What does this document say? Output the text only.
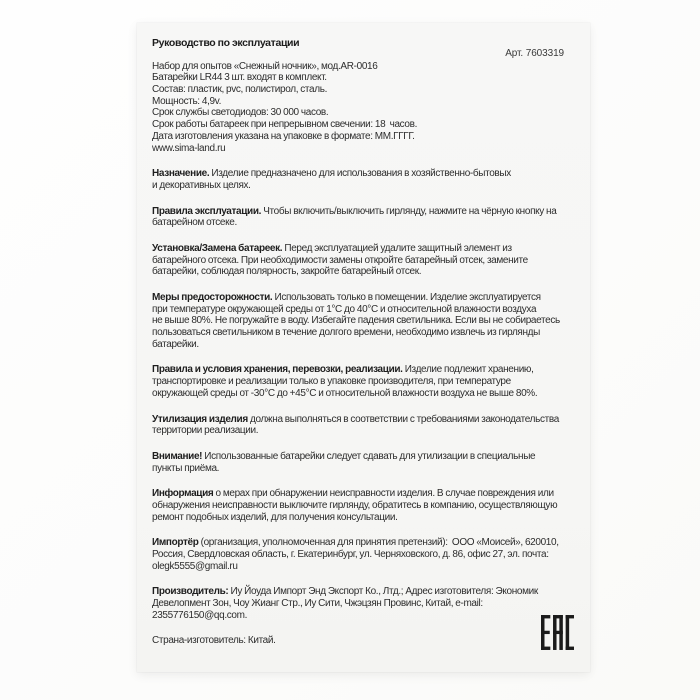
Арт. 7603319
Руководство по эксплуатации
Набор для опытов «Снежный ночник», мод.AR-0016
Батарейки LR44 3 шт. входят в комплект.
Состав: пластик, pvc, полистирол, сталь.
Мощность: 4,9v.
Срок службы светодиодов: 30 000 часов.
Срок работы батареек при непрерывном свечении: 18  часов.
Дата изготовления указана на упаковке в формате: ММ.ГГГГ.
www.sima-land.ru
Назначение. Изделие предназначено для использования в хозяйственно-бытовых
и декоративных целях.
Правила эксплуатации. Чтобы включить/выключить гирлянду, нажмите на чёрную кнопку на
батарейном отсеке.
Установка/Замена батареек. Перед эксплуатацией удалите защитный элемент из
батарейного отсека. При необходимости замены откройте батарейный отсек, замените
батарейки, соблюдая полярность, закройте батарейный отсек.
Меры предосторожности. Использовать только в помещении. Изделие эксплуатируется
при температуре окружающей среды от 1°С до 40°С и относительной влажности воздуха
не выше 80%. Не погружайте в воду. Избегайте падения светильника. Если вы не собираетесь
пользоваться светильником в течение долгого времени, необходимо извлечь из гирлянды
батарейки.
Правила и условия хранения, перевозки, реализации. Изделие подлежит хранению,
транспортировке и реализации только в упаковке производителя, при температуре
окружающей среды от -30°С до +45°С и относительной влажности воздуха не выше 80%.
Утилизация изделия должна выполняться в соответствии с требованиями законодательства
территории реализации.
Внимание! Использованные батарейки следует сдавать для утилизации в специальные
пункты приёма.
Информация о мерах при обнаружении неисправности изделия. В случае повреждения или
обнаружения неисправности выключите гирлянду, обратитесь в компанию, осуществляющую
ремонт подобных изделий, для получения консультации.
Импортёр (организация, уполномоченная для принятия претензий):  ООО «Моисей», 620010,
Россия, Свердловская область, г. Екатеринбург, ул. Черняховского, д. 86, офис 27, эл. почта:
olegk5555@gmail.ru
Производитель: Иу Йоуда Импорт Энд Экспорт Ко., Лтд.; Адрес изготовителя: Экономик
Девелопмент Зон, Чоу Жианг Стр., Иу Сити, Чжэцзян Провинс, Китай, e-mail:
2355776150@qq.com.
Страна-изготовитель: Китай.
